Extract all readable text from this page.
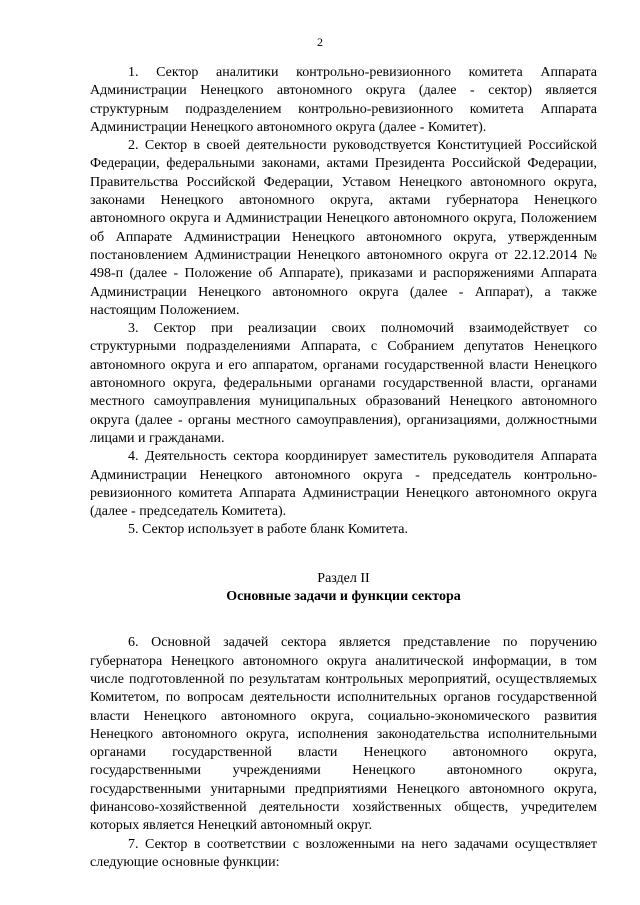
2

1. Сектор аналитики контрольно-ревизионного комитета Аппарата Администрации Ненецкого автономного округа (далее - сектор) является структурным подразделением контрольно-ревизионного комитета Аппарата Администрации Ненецкого автономного округа (далее - Комитет).

2. Сектор в своей деятельности руководствуется Конституцией Российской Федерации, федеральными законами, актами Президента Российской Федерации, Правительства Российской Федерации, Уставом Ненецкого автономного округа, законами Ненецкого автономного округа, актами губернатора Ненецкого автономного округа и Администрации Ненецкого автономного округа, Положением об Аппарате Администрации Ненецкого автономного округа, утвержденным постановлением Администрации Ненецкого автономного округа от 22.12.2014 № 498-п (далее - Положение об Аппарате), приказами и распоряжениями Аппарата Администрации Ненецкого автономного округа (далее - Аппарат), а также настоящим Положением.

3. Сектор при реализации своих полномочий взаимодействует со структурными подразделениями Аппарата, с Собранием депутатов Ненецкого автономного округа и его аппаратом, органами государственной власти Ненецкого автономного округа, федеральными органами государственной власти, органами местного самоуправления муниципальных образований Ненецкого автономного округа (далее - органы местного самоуправления), организациями, должностными лицами и гражданами.

4. Деятельность сектора координирует заместитель руководителя Аппарата Администрации Ненецкого автономного округа - председатель контрольно-ревизионного комитета Аппарата Администрации Ненецкого автономного округа (далее - председатель Комитета).

5. Сектор использует в работе бланк Комитета.

Раздел II
Основные задачи и функции сектора

6. Основной задачей сектора является представление по поручению губернатора Ненецкого автономного округа аналитической информации, в том числе подготовленной по результатам контрольных мероприятий, осуществляемых Комитетом, по вопросам деятельности исполнительных органов государственной власти Ненецкого автономного округа, социально-экономического развития Ненецкого автономного округа, исполнения законодательства исполнительными органами государственной власти Ненецкого автономного округа, государственными учреждениями Ненецкого автономного округа, государственными унитарными предприятиями Ненецкого автономного округа, финансово-хозяйственной деятельности хозяйственных обществ, учредителем которых является Ненецкий автономный округ.

7. Сектор в соответствии с возложенными на него задачами осуществляет следующие основные функции:
